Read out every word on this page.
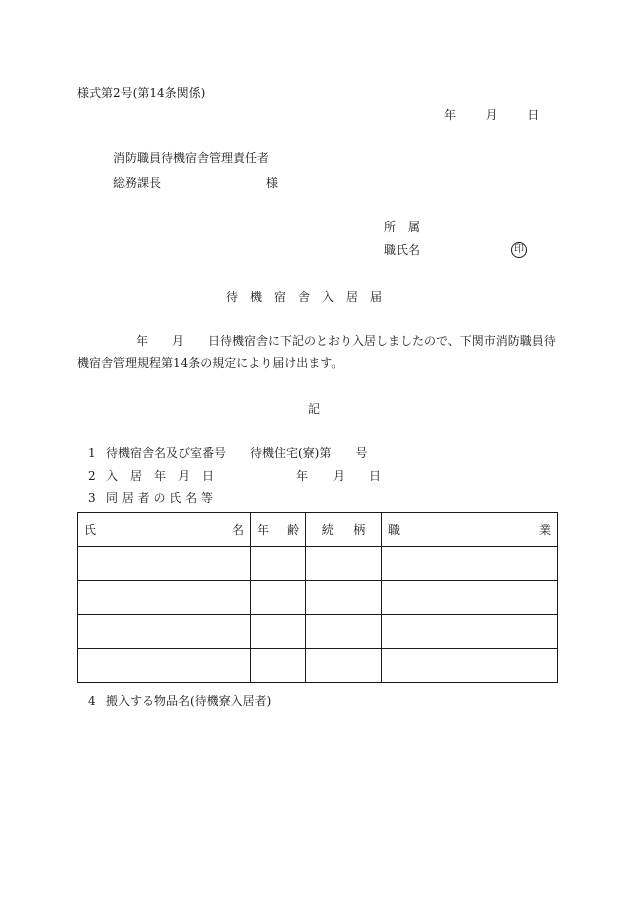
様式第2号(第14条関係)
年 月 日
消防職員待機宿舎管理責任者
総務課長	様
所　属
職氏名	印
待　機　宿　舎　入　居　届
年　　月　　日待機宿舎に下記のとおり入居しましたので、下関市消防職員待
機宿舎管理規程第14条の規定により届け出ます。
記
1 待機宿舎名及び室番号 待機住宅(寮)第　　号
2 入　居　年　月　日	年 月 日
3 同 居 者 の 氏 名 等
氏 名	年 齢	続 柄	職 業

4 搬入する物品名(待機寮入居者)
